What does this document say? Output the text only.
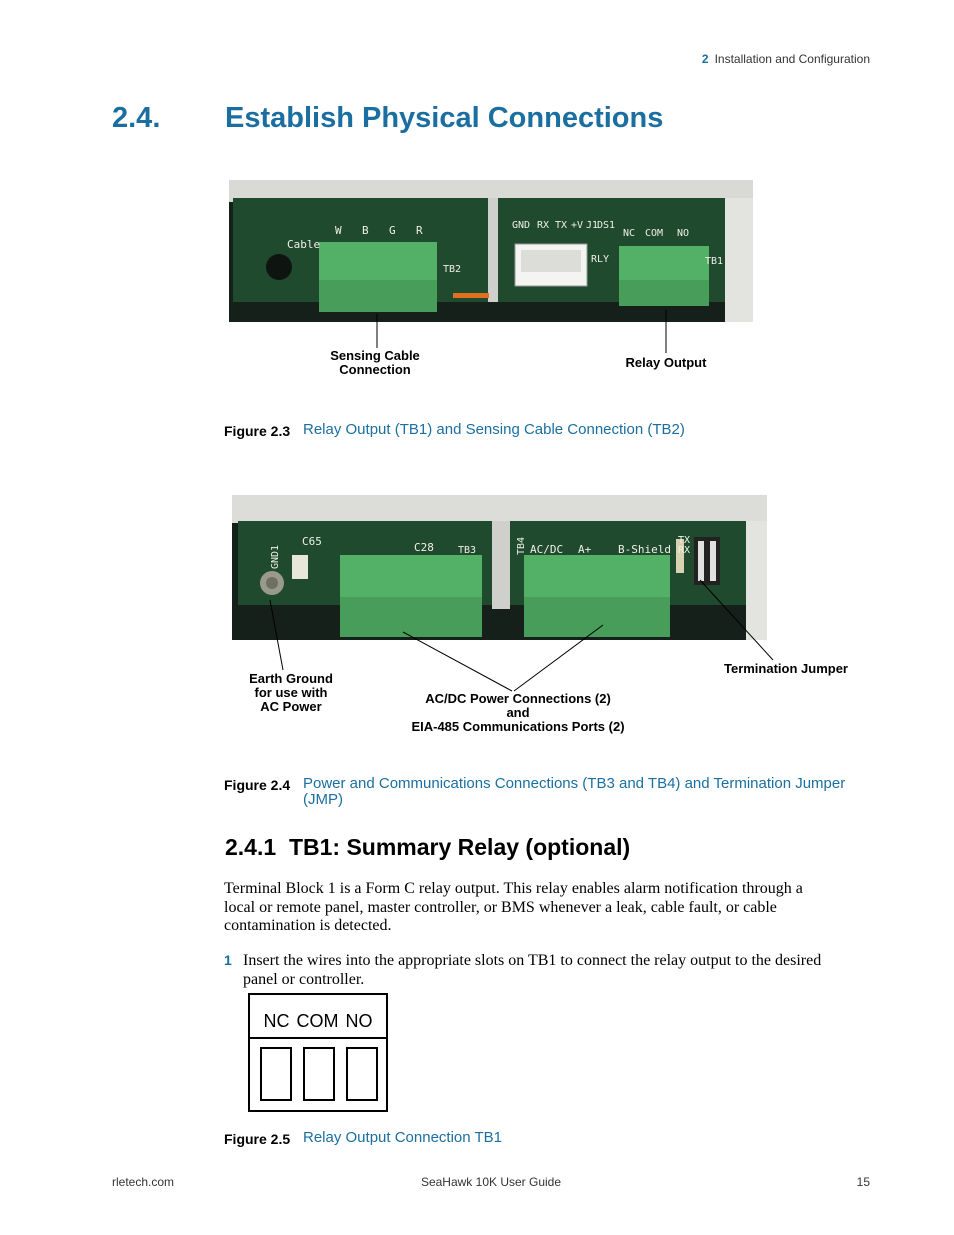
2 Installation and Configuration
2.4. Establish Physical Connections
Cable
W B G R
TB2
GND RX TX +V J1
DS1
NC COM NO
RLY	TB1
Sensing Cable
Connection	Relay Output
Figure 2.3 Relay Output (TB1) and Sensing Cable Connection (TB2)
GND1
C65	C28 TB3	TB4 AC/DC A+ B-Shield
TX
RX
Earth Ground
for use with
AC Power
AC/DC Power Connections (2)
and
EIA-485 Communications Ports (2)
Termination Jumper
Figure 2.4 Power and Communications Connections (TB3 and TB4) and Termination Jumper
(JMP)
2.4.1 TB1: Summary Relay (optional)
Terminal Block 1 is a Form C relay output. This relay enables alarm notification through a
local or remote panel, master controller, or BMS whenever a leak, cable fault, or cable
contamination is detected.
1 Insert the wires into the appropriate slots on TB1 to connect the relay output to the desired
panel or controller.
NC COM NO
Figure 2.5 Relay Output Connection TB1
rletech.com	SeaHawk 10K User Guide	15
